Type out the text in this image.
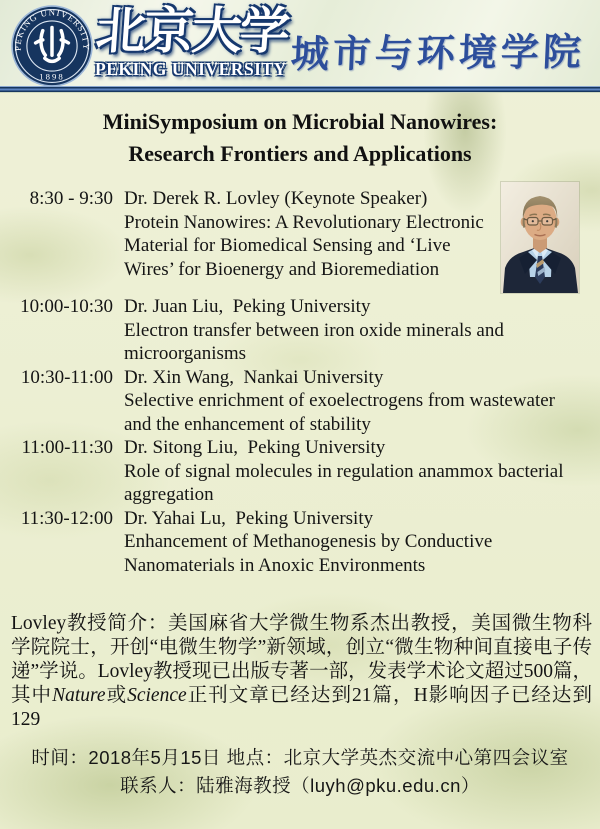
PEKING UNIVERSITY
1898
北京大学
PEKING UNIVERSITY 城市与环境学院
MiniSymposium on Microbial Nanowires:
Research Frontiers and Applications
8:30 - 9:30 Dr. Derek R. Lovley (Keynote Speaker)
Protein Nanowires: A Revolutionary Electronic Material for Biomedical Sensing and ‘Live Wires’ for Bioenergy and Bioremediation
10:00-10:30 Dr. Juan Liu,  Peking University
Electron transfer between iron oxide minerals and microorganisms
10:30-11:00 Dr. Xin Wang,  Nankai University
Selective enrichment of exoelectrogens from wastewater and the enhancement of stability
11:00-11:30 Dr. Sitong Liu,  Peking University
Role of signal molecules in regulation anammox bacterial aggregation
11:30-12:00 Dr. Yahai Lu,  Peking University
Enhancement of Methanogenesis by Conductive Nanomaterials in Anoxic Environments

Lovley教授简介：美国麻省大学微生物系杰出教授，美国微生物科学院院士，开创“电微生物学”新领域，创立“微生物种间直接电子传递”学说。Lovley教授现已出版专著一部，发表学术论文超过500篇，其中Nature或Science正刊文章已经达到21篇，H影响因子已经达到129

时间：2018年5月15日 地点：北京大学英杰交流中心第四会议室
联系人：陆雅海教授（luyh@pku.edu.cn）
